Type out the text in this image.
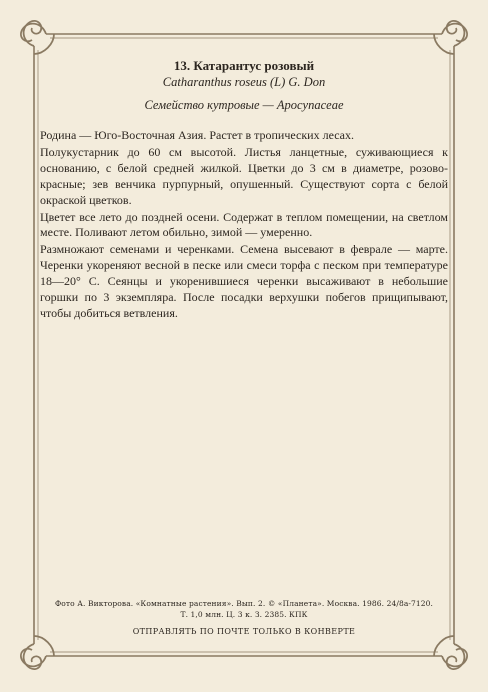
13. Катарантус розовый

Catharanthus roseus (L) G. Don

Семейство кутровые — Apocynaceae

Родина — Юго-Восточная Азия. Растет в тропических лесах.

Полукустарник до 60 см высотой. Листья ланцетные, суживающиеся к основанию, с белой средней жилкой. Цветки до 3 см в диаметре, розово-красные; зев венчика пурпурный, опушенный. Существуют сорта с белой окраской цветков.

Цветет все лето до поздней осени. Содержат в теплом помещении, на светлом месте. Поливают летом обильно, зимой — умеренно.

Размножают семенами и черенками. Семена высевают в феврале — марте. Черенки укореняют весной в песке или смеси торфа с песком при температуре 18—20° С. Сеянцы и укоренившиеся черенки высаживают в небольшие горшки по 3 экземпляра. После посадки верхушки побегов прищипывают, чтобы добиться ветвления.

Фото А. Викторова. «Комнатные растения». Вып. 2. © «Планета». Москва. 1986. 24/8а-7120.
Т. 1,0 млн. Ц. 3 к. З. 2385. КПК
ОТПРАВЛЯТЬ ПО ПОЧТЕ ТОЛЬКО В КОНВЕРТЕ
